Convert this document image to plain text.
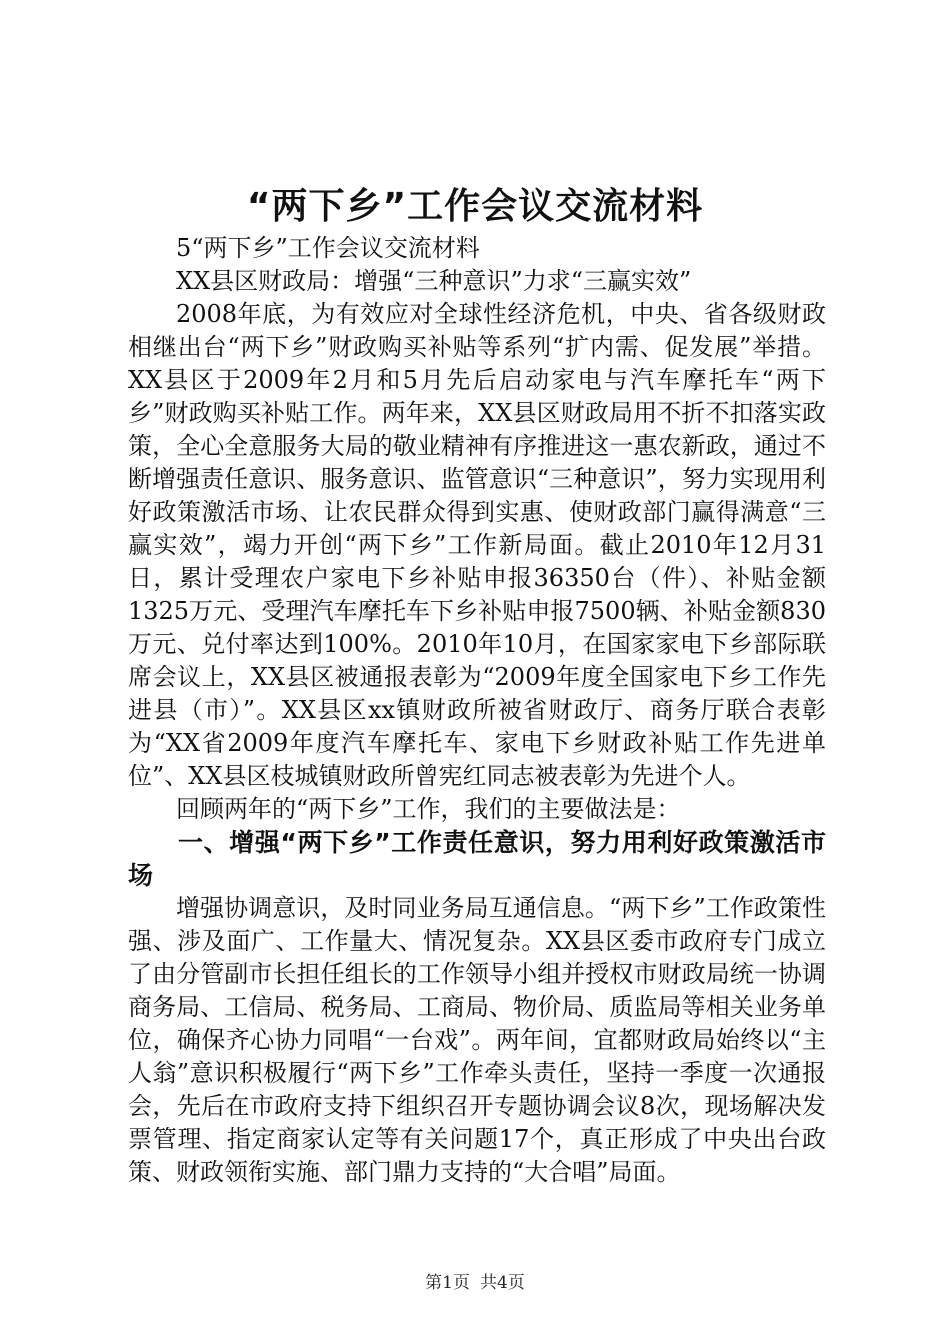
“两下乡”工作会议交流材料

5“两下乡”工作会议交流材料

XX县区财政局：增强“三种意识”力求“三赢实效”

2008年底，为有效应对全球性经济危机，中央、省各级财政相继出台“两下乡”财政购买补贴等系列“扩内需、促发展”举措。XX县区于2009年2月和5月先后启动家电与汽车摩托车“两下乡”财政购买补贴工作。两年来，XX县区财政局用不折不扣落实政策，全心全意服务大局的敬业精神有序推进这一惠农新政，通过不断增强责任意识、服务意识、监管意识“三种意识”，努力实现用利好政策激活市场、让农民群众得到实惠、使财政部门赢得满意“三赢实效”，竭力开创“两下乡”工作新局面。截止2010年12月31日，累计受理农户家电下乡补贴申报36350台（件）、补贴金额1325万元、受理汽车摩托车下乡补贴申报7500辆、补贴金额830万元、兑付率达到100%。2010年10月，在国家家电下乡部际联席会议上，XX县区被通报表彰为“2009年度全国家电下乡工作先进县（市）”。XX县区xx镇财政所被省财政厅、商务厅联合表彰为“XX省2009年度汽车摩托车、家电下乡财政补贴工作先进单位”、XX县区枝城镇财政所曾宪红同志被表彰为先进个人。

回顾两年的“两下乡”工作，我们的主要做法是：

一、增强“两下乡”工作责任意识，努力用利好政策激活市场

增强协调意识，及时同业务局互通信息。“两下乡”工作政策性强、涉及面广、工作量大、情况复杂。XX县区委市政府专门成立了由分管副市长担任组长的工作领导小组并授权市财政局统一协调商务局、工信局、税务局、工商局、物价局、质监局等相关业务单位，确保齐心协力同唱“一台戏”。两年间，宜都财政局始终以“主人翁”意识积极履行“两下乡”工作牵头责任，坚持一季度一次通报会，先后在市政府支持下组织召开专题协调会议8次，现场解决发票管理、指定商家认定等有关问题17个，真正形成了中央出台政策、财政领衔实施、部门鼎力支持的“大合唱”局面。

第1页 共4页
